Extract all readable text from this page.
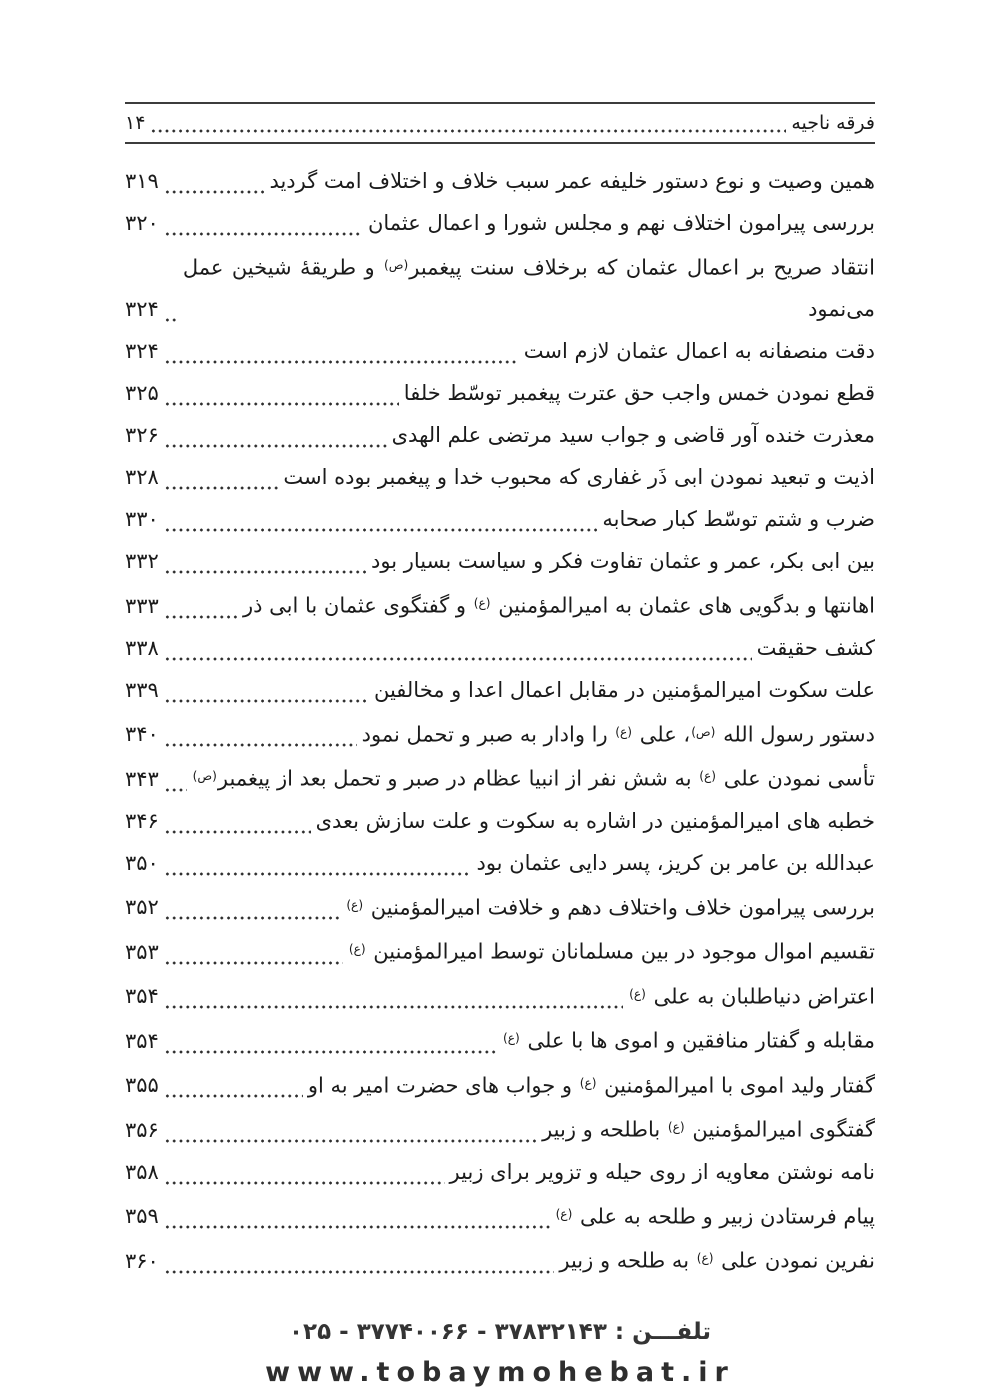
فرقه ناجیه
۱۴
همین وصیت و نوع دستور خلیفه عمر سبب خلاف و اختلاف امت گردید
۳۱۹
بررسی پیرامون اختلاف نهم و مجلس شورا و اعمال عثمان
۳۲۰
انتقاد صریح بر اعمال عثمان که برخلاف سنت پیغمبر$^{(ص)}$ و طریقهٔ شیخین عمل می‌نمود
۳۲۴
دقت منصفانه به اعمال عثمان لازم است
۳۲۴
قطع نمودن خمس واجب حق عترت پیغمبر توسّط خلفا
۳۲۵
معذرت خنده آور قاضی و جواب سید مرتضی علم الهدی
۳۲۶
اذیت و تبعید نمودن ابی ذَر غفاری که محبوب خدا و پیغمبر بوده است
۳۲۸
ضرب و شتم توسّط کبار صحابه
۳۳۰
بین ابی بکر، عمر و عثمان تفاوت فکر و سیاست بسیار بود
۳۳۲
اهانتها و بدگویی های عثمان به امیرالمؤمنین $^{(ع)}$ و گفتگوی عثمان با ابی ذر
۳۳۳
کشف حقیقت
۳۳۸
علت سکوت امیرالمؤمنین در مقابل اعمال اعدا و مخالفین
۳۳۹
دستور رسول الله $^{(ص)}$، علی $^{(ع)}$ را وادار به صبر و تحمل نمود
۳۴۰
تأسی نمودن علی $^{(ع)}$ به شش نفر از انبیا عظام در صبر و تحمل بعد از پیغمبر$^{(ص)}$
۳۴۳
خطبه های امیرالمؤمنین در اشاره به سکوت و علت سازش بعدی
۳۴۶
عبدالله بن عامر بن کریز، پسر دایی عثمان بود
۳۵۰
بررسی پیرامون خلاف واختلاف دهم و خلافت امیرالمؤمنین $^{(ع)}$
۳۵۲
تقسیم اموال موجود در بین مسلمانان توسط امیرالمؤمنین $^{(ع)}$
۳۵۳
اعتراض دنیاطلبان به علی $^{(ع)}$
۳۵۴
مقابله و گفتار منافقین و اموی ها با علی $^{(ع)}$
۳۵۴
گفتار ولید اموی با امیرالمؤمنین $^{(ع)}$ و جواب های حضرت امیر به او
۳۵۵
گفتگوی امیرالمؤمنین $^{(ع)}$ باطلحه و زبیر
۳۵۶
نامه نوشتن معاویه از روی حیله و تزویر برای زبیر
۳۵۸
پیام فرستادن زبیر و طلحه به علی $^{(ع)}$
۳۵۹
نفرین نمودن علی $^{(ع)}$ به طلحه و زبیر
۳۶۰
تلفـــن : ۳۷۸۳۲۱۴۳ - ۳۷۷۴۰۰۶۶ - ۰۲۵
www.tobaymohebat.ir
